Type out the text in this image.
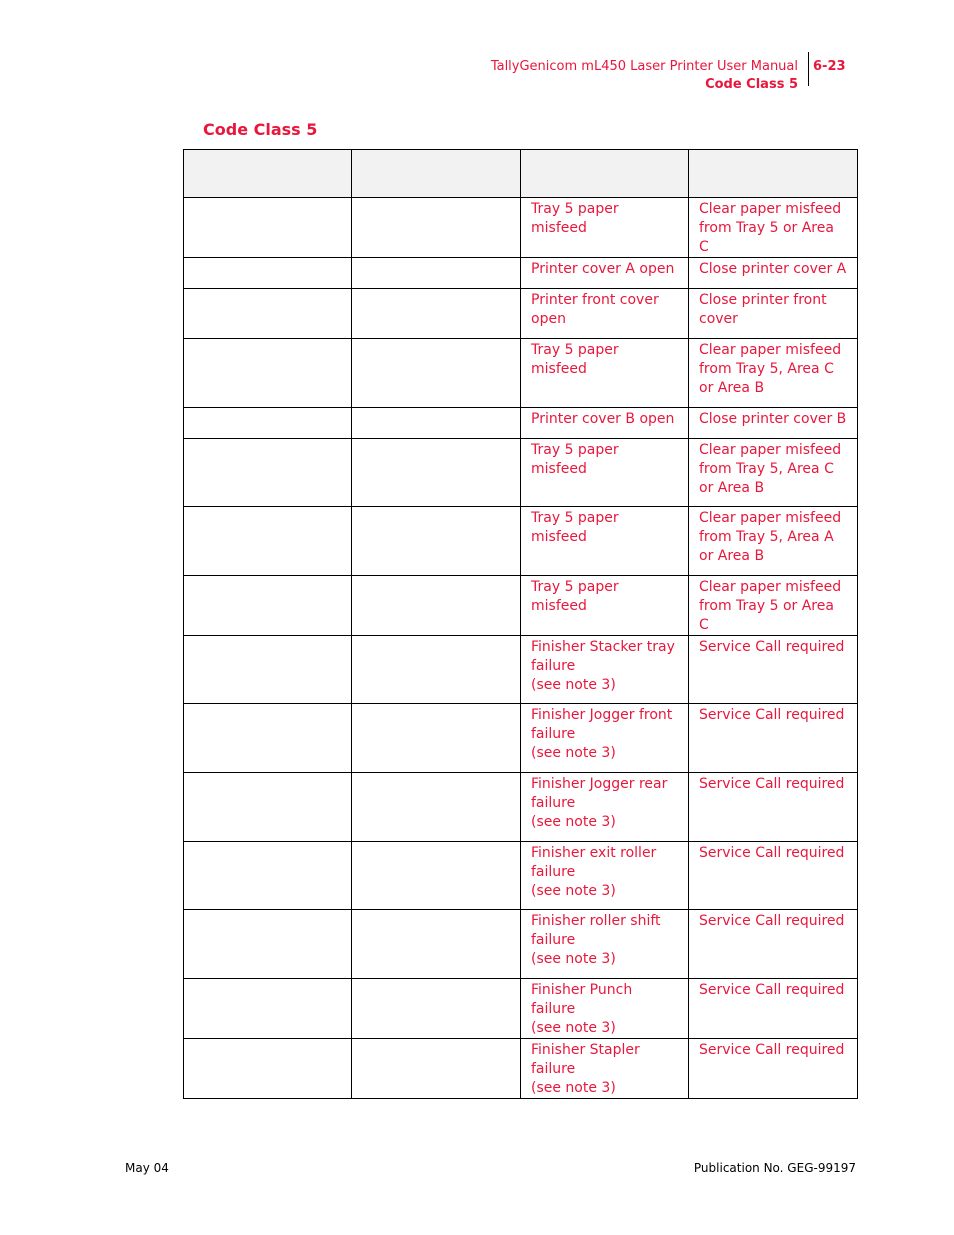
TallyGenicom mL450 Laser Printer User Manual
Code Class 5
6-23
Code Class 5

		Tray 5 paper misfeed	Clear paper misfeed from Tray 5 or Area C
		Printer cover A open	Close printer cover A
		Printer front cover open	Close printer front cover
		Tray 5 paper misfeed	Clear paper misfeed from Tray 5, Area C or Area B
		Printer cover B open	Close printer cover B
		Tray 5 paper misfeed	Clear paper misfeed from Tray 5, Area C or Area B
		Tray 5 paper misfeed	Clear paper misfeed from Tray 5, Area A or Area B
		Tray 5 paper misfeed	Clear paper misfeed from Tray 5 or Area C
		Finisher Stacker tray failure
(see note 3)	Service Call required
		Finisher Jogger front failure
(see note 3)	Service Call required
		Finisher Jogger rear failure
(see note 3)	Service Call required
		Finisher exit roller failure
(see note 3)	Service Call required
		Finisher roller shift failure
(see note 3)	Service Call required
		Finisher Punch failure
(see note 3)	Service Call required
		Finisher Stapler failure
(see note 3)	Service Call required
May 04	Publication No. GEG-99197
